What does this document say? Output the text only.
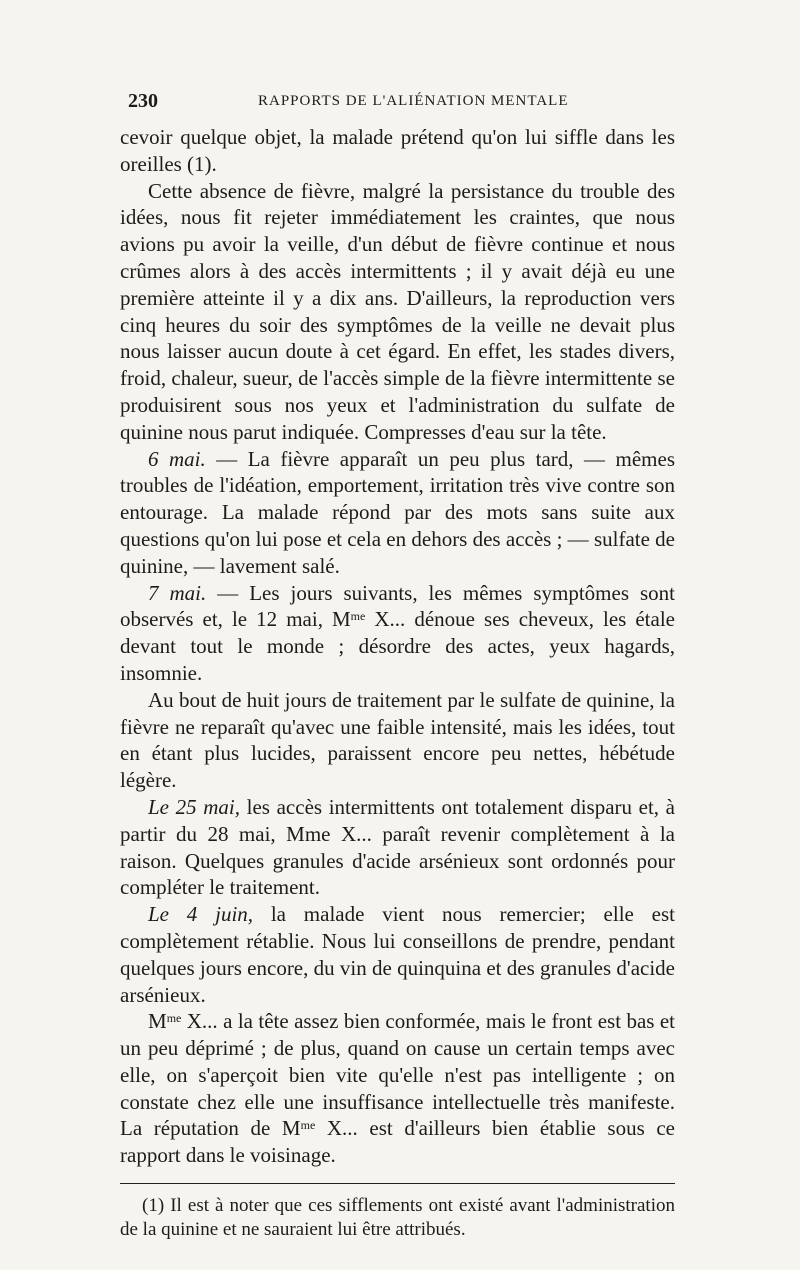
230	RAPPORTS DE L'ALIÉNATION MENTALE

cevoir quelque objet, la malade prétend qu'on lui siffle dans les oreilles (1).

Cette absence de fièvre, malgré la persistance du trouble des idées, nous fit rejeter immédiatement les craintes, que nous avions pu avoir la veille, d'un début de fièvre continue et nous crûmes alors à des accès intermittents ; il y avait déjà eu une première atteinte il y a dix ans. D'ailleurs, la reproduction vers cinq heures du soir des symptômes de la veille ne devait plus nous laisser aucun doute à cet égard. En effet, les stades divers, froid, chaleur, sueur, de l'accès simple de la fièvre intermittente se produisirent sous nos yeux et l'administration du sulfate de quinine nous parut indiquée. Compresses d'eau sur la tête.

6 mai. — La fièvre apparaît un peu plus tard, — mêmes troubles de l'idéation, emportement, irritation très vive contre son entourage. La malade répond par des mots sans suite aux questions qu'on lui pose et cela en dehors des accès ; — sulfate de quinine, — lavement salé.

7 mai. — Les jours suivants, les mêmes symptômes sont observés et, le 12 mai, $M^{me}$ X... dénoue ses cheveux, les étale devant tout le monde ; désordre des actes, yeux hagards, insomnie.

Au bout de huit jours de traitement par le sulfate de quinine, la fièvre ne reparaît qu'avec une faible intensité, mais les idées, tout en étant plus lucides, paraissent encore peu nettes, hébétude légère.

Le 25 mai, les accès intermittents ont totalement disparu et, à partir du 28 mai, Mme X... paraît revenir complètement à la raison. Quelques granules d'acide arsénieux sont ordonnés pour compléter le traitement.

Le 4 juin, la malade vient nous remercier; elle est complètement rétablie. Nous lui conseillons de prendre, pendant quelques jours encore, du vin de quinquina et des granules d'acide arsénieux.

$M^{me}$ X... a la tête assez bien conformée, mais le front est bas et un peu déprimé ; de plus, quand on cause un certain temps avec elle, on s'aperçoit bien vite qu'elle n'est pas intelligente ; on constate chez elle une insuffisance intellectuelle très manifeste. La réputation de $M^{me}$ X... est d'ailleurs bien établie sous ce rapport dans le voisinage.

(1) Il est à noter que ces sifflements ont existé avant l'administration de la quinine et ne sauraient lui être attribués.
